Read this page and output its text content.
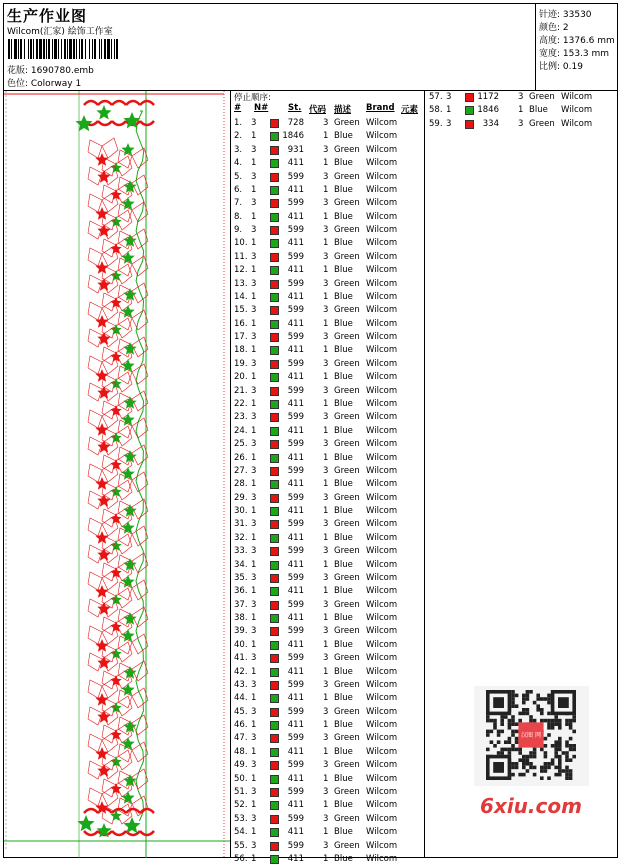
生产作业图
Wilcom(汇家) 絵饰工作室
花版: 1690780.emb
色位: Colorway 1
针迹: 33530
颜色: 2
高度: 1376.6 mm
宽度: 153.3 mm
比例: 0.19
停止顺序:
# N# St. 代码 描述 Brand 元素
1. 3	728 3 Green Wilcom
2. 1	1846 1 Blue Wilcom
3. 3	931 3 Green Wilcom
4. 1	411 1 Blue Wilcom
5. 3	599 3 Green Wilcom
6. 1	411 1 Blue Wilcom
7. 3	599 3 Green Wilcom
8. 1	411 1 Blue Wilcom
9. 3	599 3 Green Wilcom
10. 1	411 1 Blue Wilcom
11. 3	599 3 Green Wilcom
12. 1	411 1 Blue Wilcom
13. 3	599 3 Green Wilcom
14. 1	411 1 Blue Wilcom
15. 3	599 3 Green Wilcom
16. 1	411 1 Blue Wilcom
17. 3	599 3 Green Wilcom
18. 1	411 1 Blue Wilcom
19. 3	599 3 Green Wilcom
20. 1	411 1 Blue Wilcom
21. 3	599 3 Green Wilcom
22. 1	411 1 Blue Wilcom
23. 3	599 3 Green Wilcom
24. 1	411 1 Blue Wilcom
25. 3	599 3 Green Wilcom
26. 1	411 1 Blue Wilcom
27. 3	599 3 Green Wilcom
28. 1	411 1 Blue Wilcom
29. 3	599 3 Green Wilcom
30. 1	411 1 Blue Wilcom
31. 3	599 3 Green Wilcom
32. 1	411 1 Blue Wilcom
33. 3	599 3 Green Wilcom
34. 1	411 1 Blue Wilcom
35. 3	599 3 Green Wilcom
36. 1	411 1 Blue Wilcom
37. 3	599 3 Green Wilcom
38. 1	411 1 Blue Wilcom
39. 3	599 3 Green Wilcom
40. 1	411 1 Blue Wilcom
41. 3	599 3 Green Wilcom
42. 1	411 1 Blue Wilcom
43. 3	599 3 Green Wilcom
44. 1	411 1 Blue Wilcom
45. 3	599 3 Green Wilcom
46. 1	411 1 Blue Wilcom
47. 3	599 3 Green Wilcom
48. 1	411 1 Blue Wilcom
49. 3	599 3 Green Wilcom
50. 1	411 1 Blue Wilcom
51. 3	599 3 Green Wilcom
52. 1	411 1 Blue Wilcom
53. 3	599 3 Green Wilcom
54. 1	411 1 Blue Wilcom
55. 3	599 3 Green Wilcom
56. 1	411 1 Blue Wilcom
57. 3	1172 3 Green Wilcom
58. 1	1846 1 Blue Wilcom
59. 3	334 3 Green Wilcom
汉图 网
6xiu.com
